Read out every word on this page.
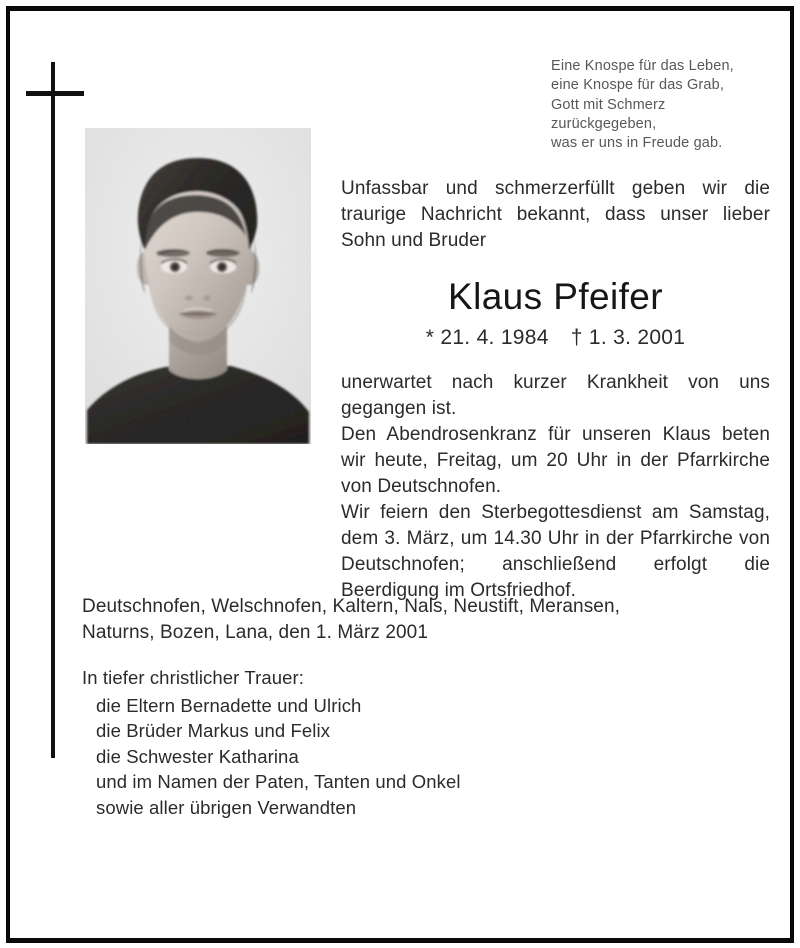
Eine Knospe für das Leben,
eine Knospe für das Grab,
Gott mit Schmerz
zurückgegeben,
was er uns in Freude gab.

Unfassbar und schmerzerfüllt geben wir die traurige Nachricht bekannt, dass unser lieber Sohn und Bruder

Klaus Pfeifer
* 21. 4. 1984 † 1. 3. 2001

unerwartet nach kurzer Krankheit von uns gegangen ist.

Den Abendrosenkranz für unseren Klaus beten wir heute, Freitag, um 20 Uhr in der Pfarrkirche von Deutschnofen.

Wir feiern den Sterbegottesdienst am Samstag, dem 3. März, um 14.30 Uhr in der Pfarrkirche von Deutschnofen; anschließend erfolgt die Beerdigung im Ortsfriedhof.

Deutschnofen, Welschnofen, Kaltern, Nals, Neustift, Meransen,
Naturns, Bozen, Lana, den 1. März 2001
In tiefer christlicher Trauer:
die Eltern Bernadette und Ulrich
die Brüder Markus und Felix
die Schwester Katharina
und im Namen der Paten, Tanten und Onkel
sowie aller übrigen Verwandten
